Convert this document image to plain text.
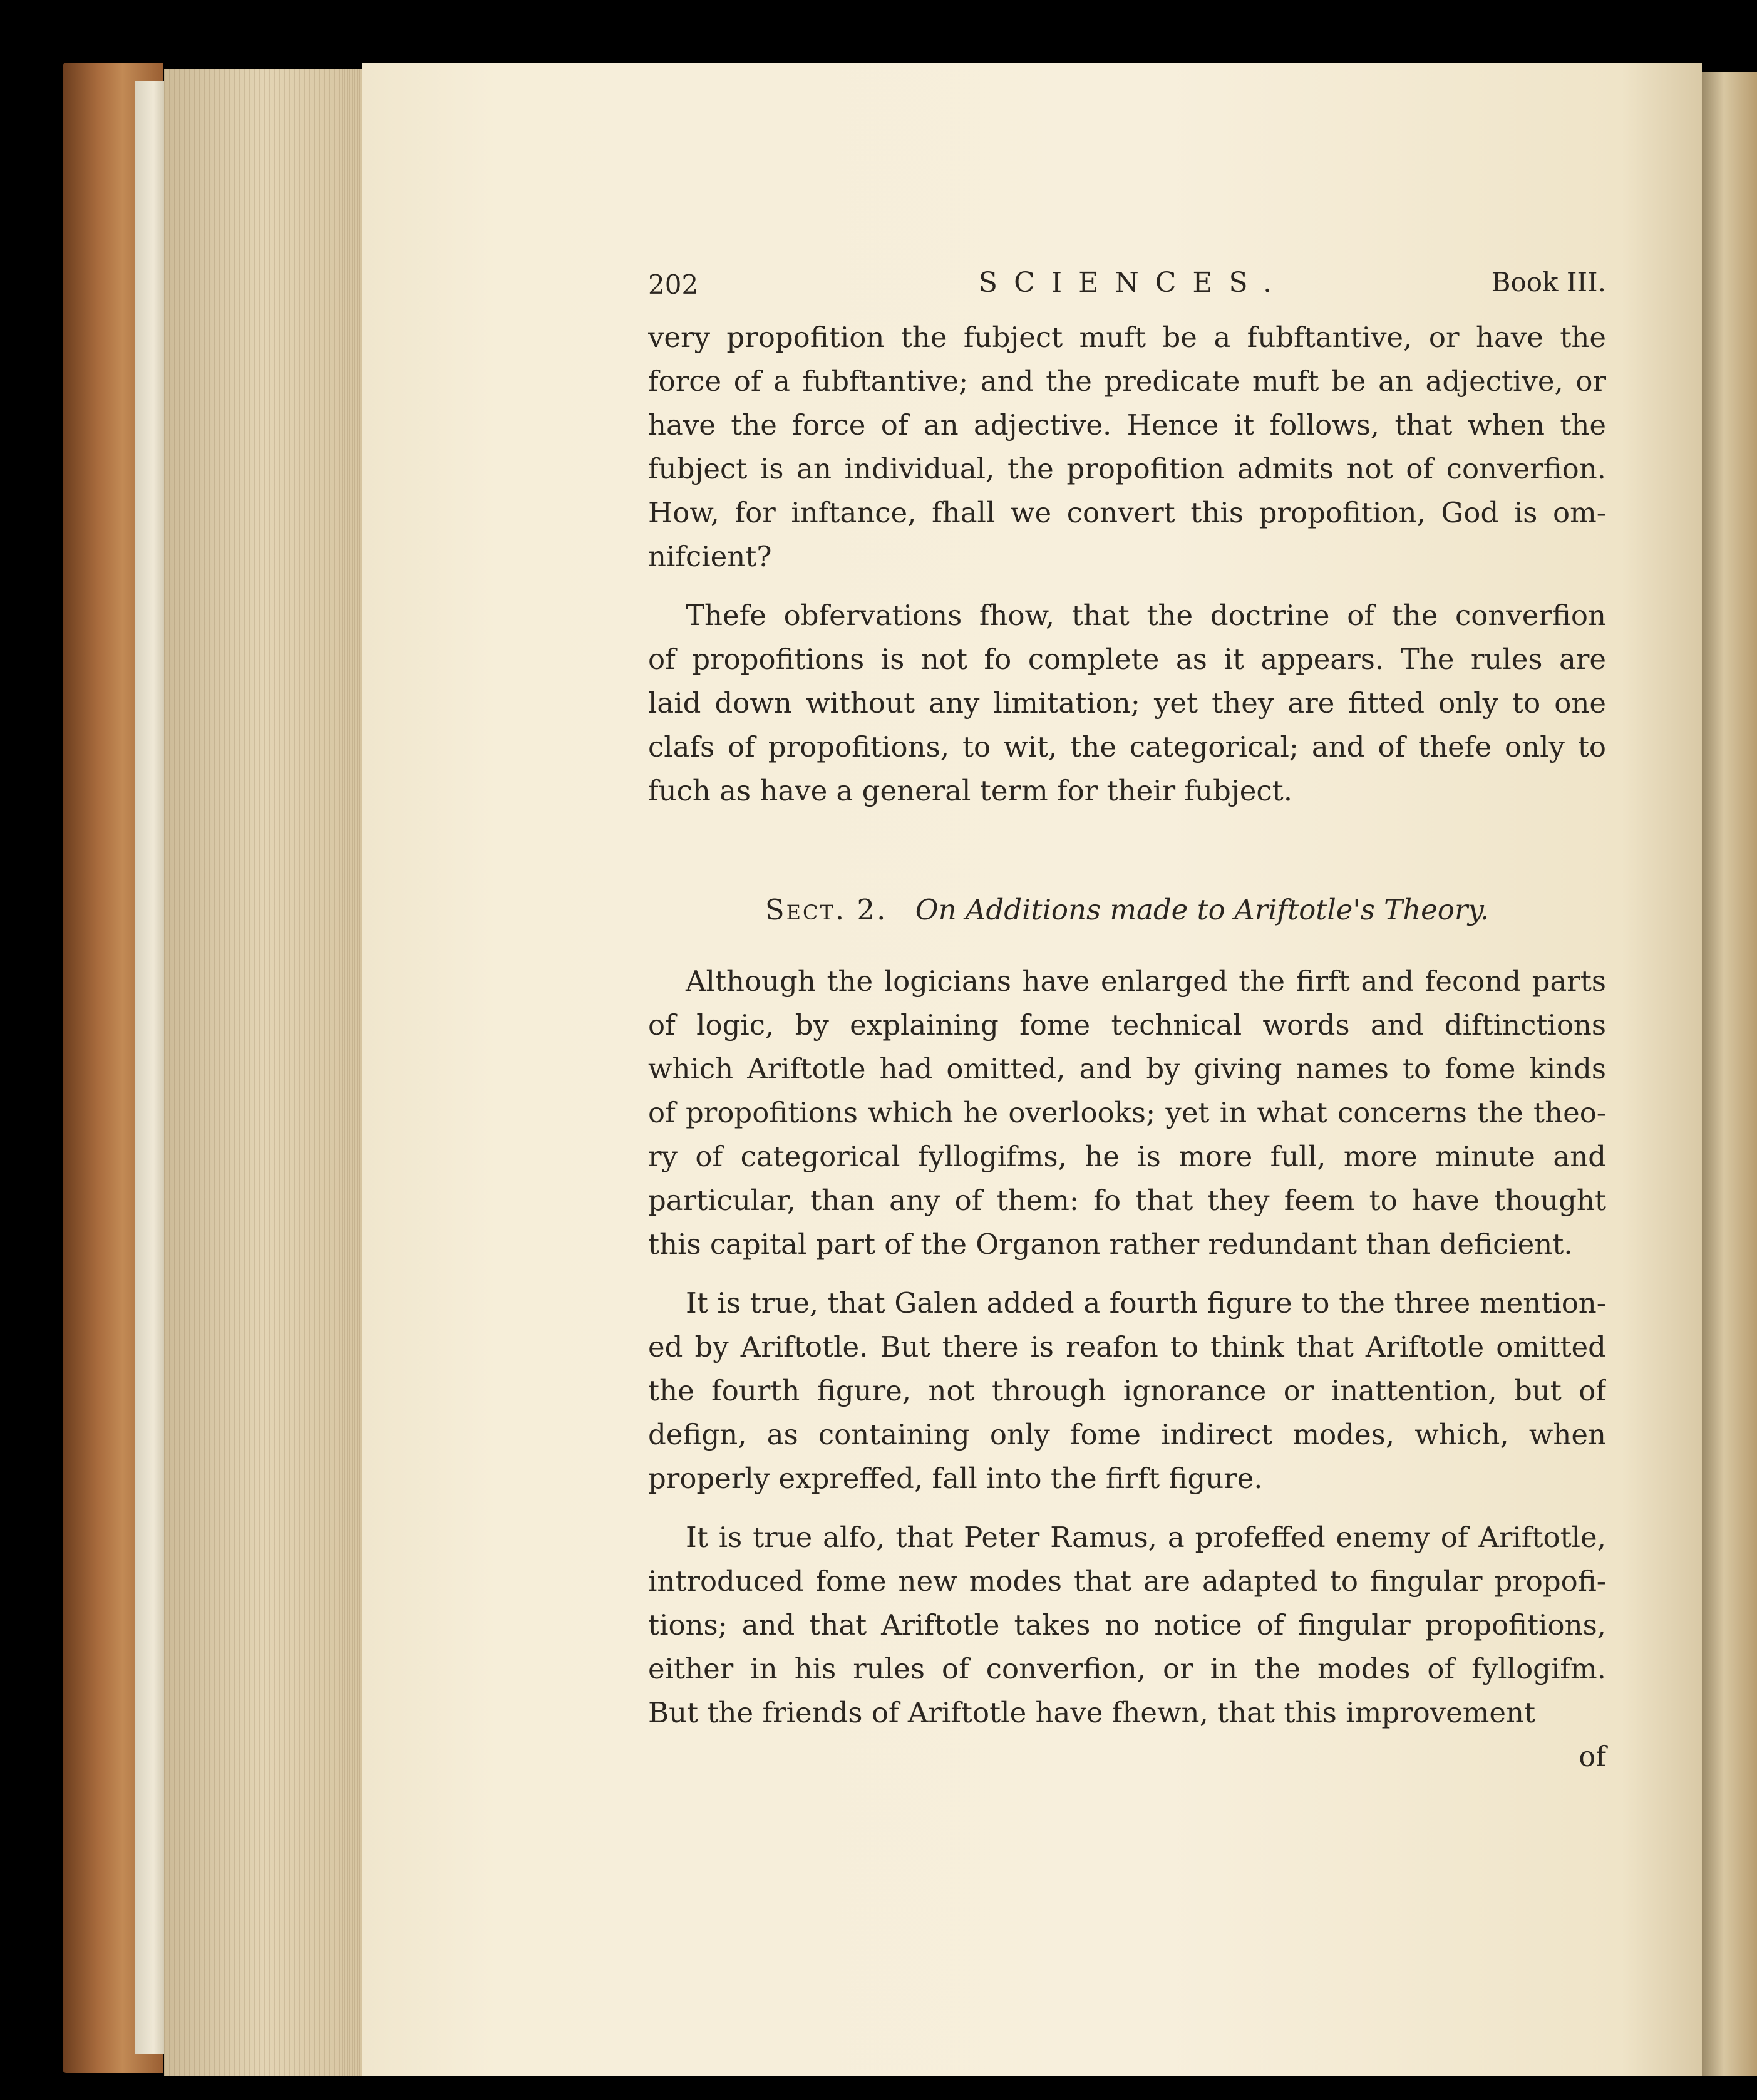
202	SCIENCES.	Book III.

very propofition the fubject muft be a fubftantive, or have the
force of a fubftantive; and the predicate muft be an adjective, or
have the force of an adjective. Hence it follows, that when the
fubject is an individual, the propofition admits not of converfion.
How, for inftance, fhall we convert this propofition, God is om-
nifcient?

Thefe obfervations fhow, that the doctrine of the converfion
of propofitions is not fo complete as it appears. The rules are
laid down without any limitation; yet they are fitted only to one
clafs of propofitions, to wit, the categorical; and of thefe only to
fuch as have a general term for their fubject.

Sect. 2. On Additions made to Ariftotle's Theory.

Although the logicians have enlarged the firft and fecond parts
of logic, by explaining fome technical words and diftinctions
which Ariftotle had omitted, and by giving names to fome kinds
of propofitions which he overlooks; yet in what concerns the theo-
ry of categorical fyllogifms, he is more full, more minute and
particular, than any of them: fo that they feem to have thought
this capital part of the Organon rather redundant than deficient.

It is true, that Galen added a fourth figure to the three mention-
ed by Ariftotle. But there is reafon to think that Ariftotle omitted
the fourth figure, not through ignorance or inattention, but of
defign, as containing only fome indirect modes, which, when
properly expreffed, fall into the firft figure.

It is true alfo, that Peter Ramus, a profeffed enemy of Ariftotle,
introduced fome new modes that are adapted to fingular propofi-
tions; and that Ariftotle takes no notice of fingular propofitions,
either in his rules of converfion, or in the modes of fyllogifm.
But the friends of Ariftotle have fhewn, that this improvement

of
